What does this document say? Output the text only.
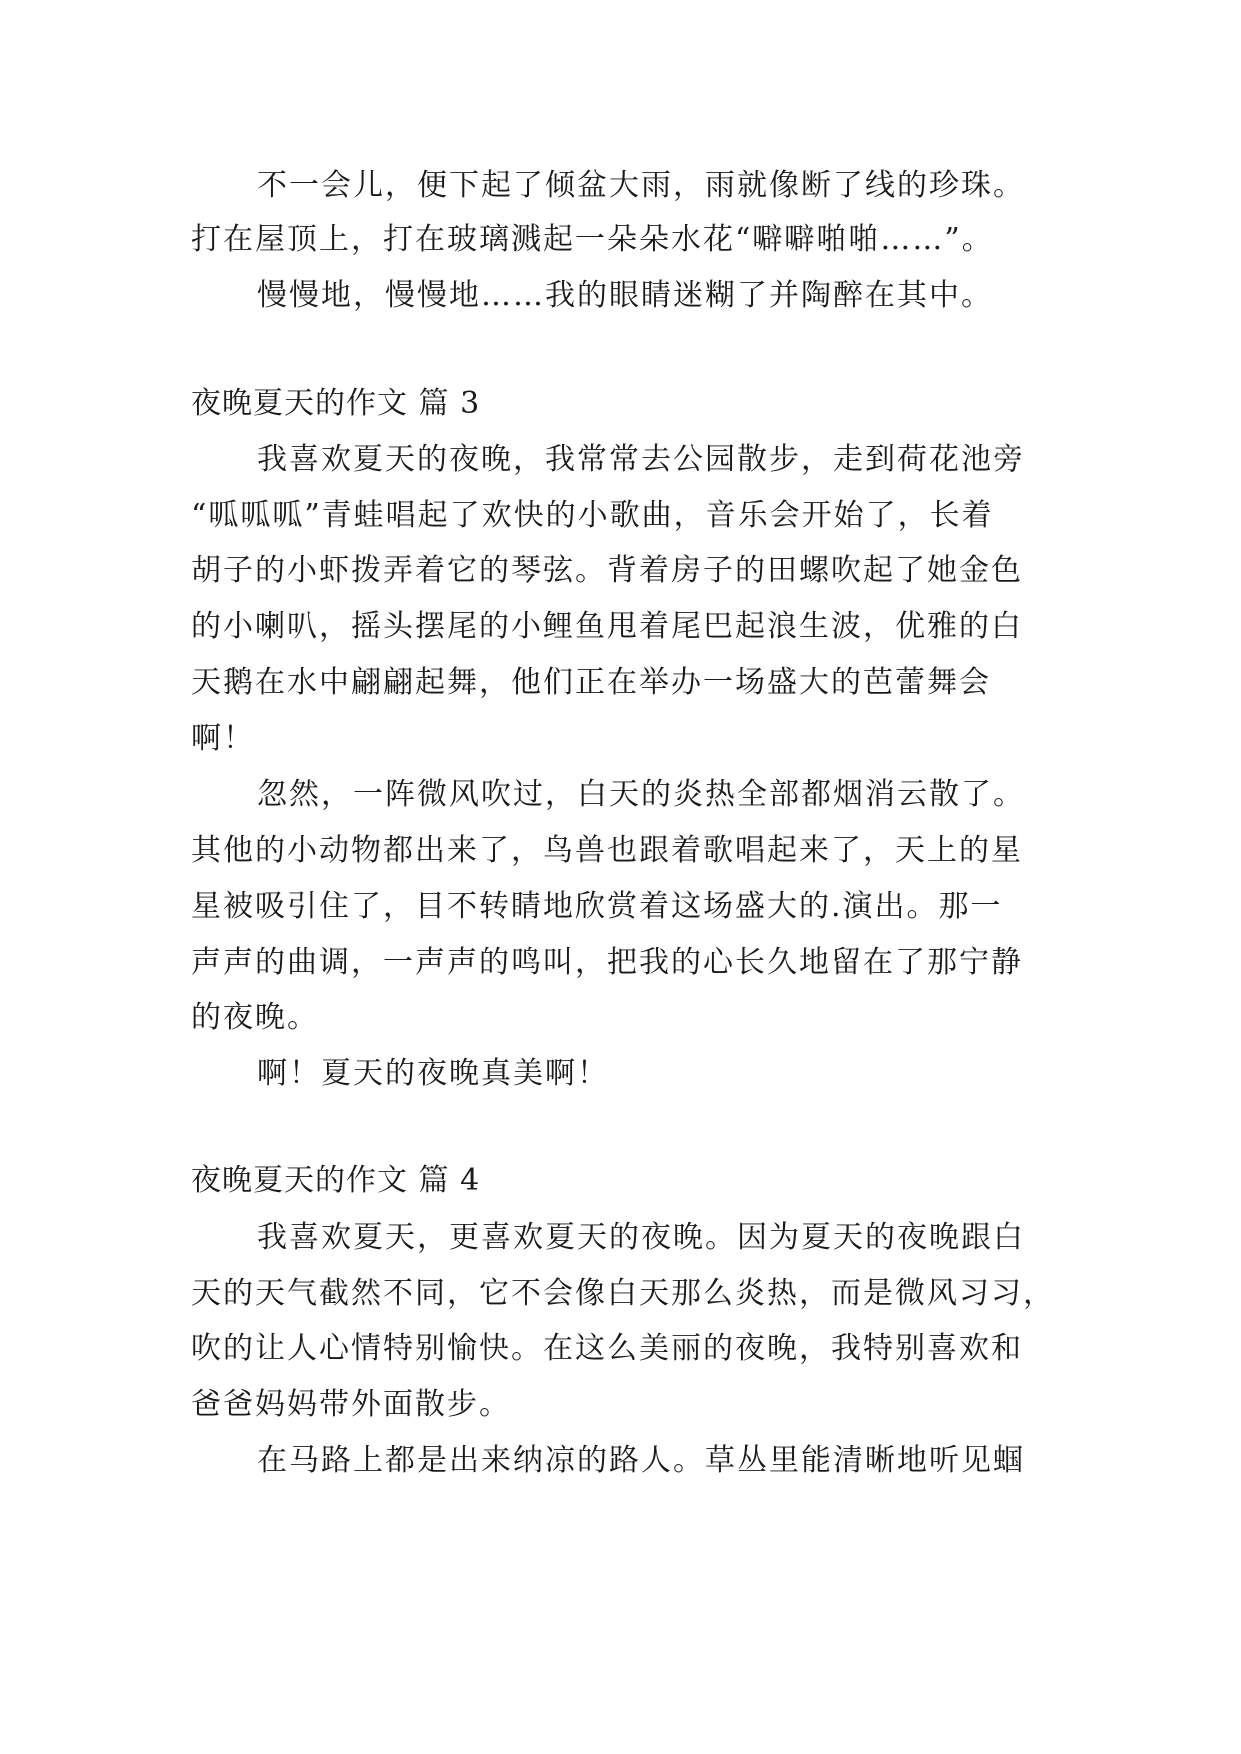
不一会儿，便下起了倾盆大雨，雨就像断了线的珍珠。
打在屋顶上，打在玻璃溅起一朵朵水花“噼噼啪啪……”。
慢慢地，慢慢地……我的眼睛迷糊了并陶醉在其中。
夜晚夏天的作文 篇 3
我喜欢夏天的夜晚，我常常去公园散步，走到荷花池旁
“呱呱呱”青蛙唱起了欢快的小歌曲，音乐会开始了，长着
胡子的小虾拨弄着它的琴弦。背着房子的田螺吹起了她金色
的小喇叭，摇头摆尾的小鲤鱼甩着尾巴起浪生波，优雅的白
天鹅在水中翩翩起舞，他们正在举办一场盛大的芭蕾舞会
啊！
忽然，一阵微风吹过，白天的炎热全部都烟消云散了。
其他的小动物都出来了，鸟兽也跟着歌唱起来了，天上的星
星被吸引住了，目不转睛地欣赏着这场盛大的.演出。那一
声声的曲调，一声声的鸣叫，把我的心长久地留在了那宁静
的夜晚。
啊！夏天的夜晚真美啊！
夜晚夏天的作文 篇 4
我喜欢夏天，更喜欢夏天的夜晚。因为夏天的夜晚跟白
天的天气截然不同，它不会像白天那么炎热，而是微风习习，
吹的让人心情特别愉快。在这么美丽的夜晚，我特别喜欢和
爸爸妈妈带外面散步。
在马路上都是出来纳凉的路人。草丛里能清晰地听见蝈
